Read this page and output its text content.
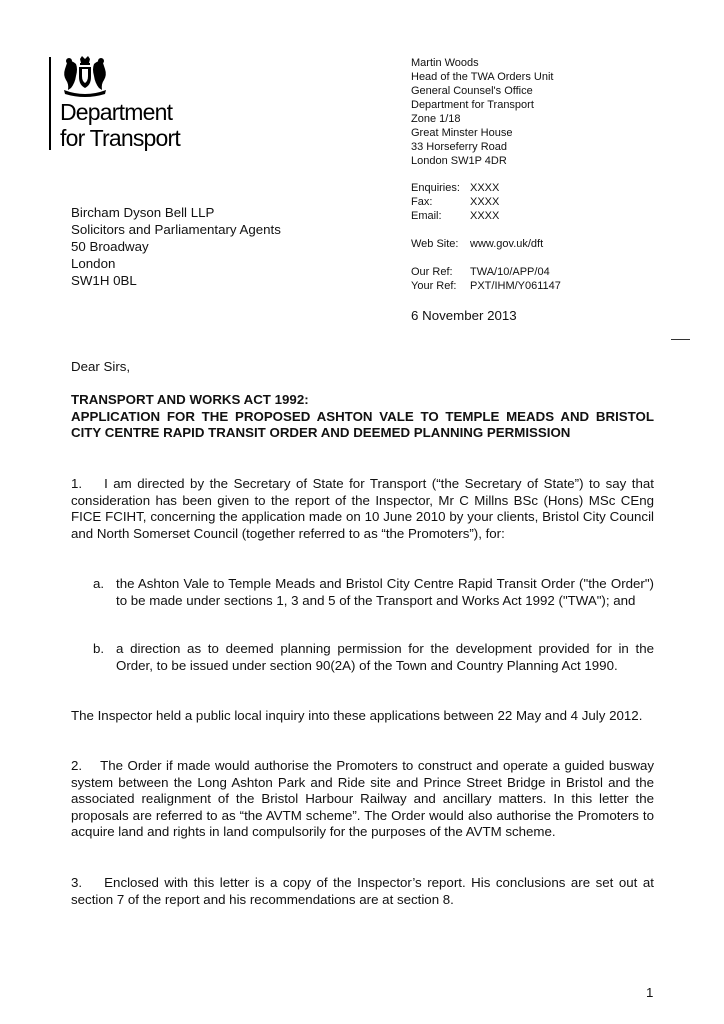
Department
for Transport
Martin Woods
Head of the TWA Orders Unit
General Counsel's Office
Department for Transport
Zone 1/18
Great Minster House
33 Horseferry Road
London SW1P 4DR
Enquiries: XXXX
Fax:	XXXX
Email:	XXXX
Web Site: www.gov.uk/dft
Our Ref: TWA/10/APP/04
Your Ref: PXT/IHM/Y061147
Bircham Dyson Bell LLP
Solicitors and Parliamentary Agents
50 Broadway
London
SW1H 0BL
6 November 2013
Dear Sirs,
TRANSPORT AND WORKS ACT 1992:
APPLICATION FOR THE PROPOSED ASHTON VALE TO TEMPLE MEADS AND BRISTOL CITY CENTRE RAPID TRANSIT ORDER AND DEEMED PLANNING PERMISSION
1.    I am directed by the Secretary of State for Transport (“the Secretary of State”) to say that consideration has been given to the report of the Inspector, Mr C Millns BSc (Hons) MSc CEng FICE FCIHT, concerning the application made on 10 June 2010 by your clients, Bristol City Council and North Somerset Council (together referred to as “the Promoters”), for:
a. the Ashton Vale to Temple Meads and Bristol City Centre Rapid Transit Order ("the Order") to be made under sections 1, 3 and 5 of the Transport and Works Act 1992 ("TWA"); and
b. a direction as to deemed planning permission for the development provided for in the Order, to be issued under section 90(2A) of the Town and Country Planning Act 1990.
The Inspector held a public local inquiry into these applications between 22 May and 4 July 2012.
2.    The Order if made would authorise the Promoters to construct and operate a guided busway system between the Long Ashton Park and Ride site and Prince Street Bridge in Bristol and the associated realignment of the Bristol Harbour Railway and ancillary matters. In this letter the proposals are referred to as “the AVTM scheme”. The Order would also authorise the Promoters to acquire land and rights in land compulsorily for the purposes of the AVTM scheme.
3.    Enclosed with this letter is a copy of the Inspector’s report. His conclusions are set out at section 7 of the report and his recommendations are at section 8.
1
